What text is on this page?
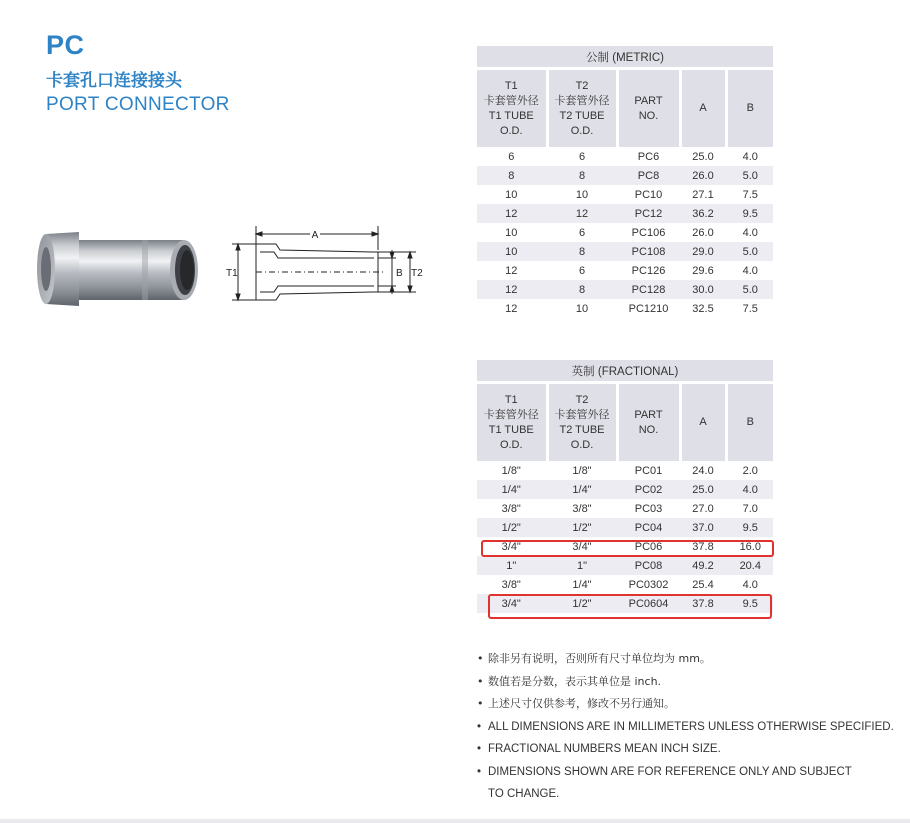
PC
卡套孔口连接接头
PORT CONNECTOR
A
T1	B T2
公制 (METRIC)				

T1
卡套管外径
T1 TUBE
O.D.	T2
卡套管外径
T2 TUBE
O.D.	PART
NO.	A	B
6	6	PC6	25.0	4.0
8	8	PC8	26.0	5.0
10	10	PC10	27.1	7.5
12	12	PC12	36.2	9.5
10	6	PC106	26.0	4.0
10	8	PC108	29.0	5.0
12	6	PC126	29.6	4.0
12	8	PC128	30.0	5.0
12	10	PC1210	32.5	7.5
英制 (FRACTIONAL)				

T1
卡套管外径
T1 TUBE
O.D.	T2
卡套管外径
T2 TUBE
O.D.	PART
NO.	A	B
1/8"	1/8"	PC01	24.0	2.0
1/4"	1/4"	PC02	25.0	4.0
3/8"	3/8"	PC03	27.0	7.0
1/2"	1/2"	PC04	37.0	9.5
3/4"	3/4"	PC06	37.8	16.0
1"	1"	PC08	49.2	20.4
3/8"	1/4"	PC0302	25.4	4.0
3/4"	1/2"	PC0604	37.8	9.5
• 除非另有说明，否则所有尺寸单位均为 mm。
• 数值若是分数，表示其单位是 inch.
• 上述尺寸仅供参考，修改不另行通知。
• ALL DIMENSIONS ARE IN MILLIMETERS UNLESS OTHERWISE SPECIFIED.
• FRACTIONAL NUMBERS MEAN INCH SIZE.
• DIMENSIONS SHOWN ARE FOR REFERENCE ONLY AND SUBJECT
TO CHANGE.
